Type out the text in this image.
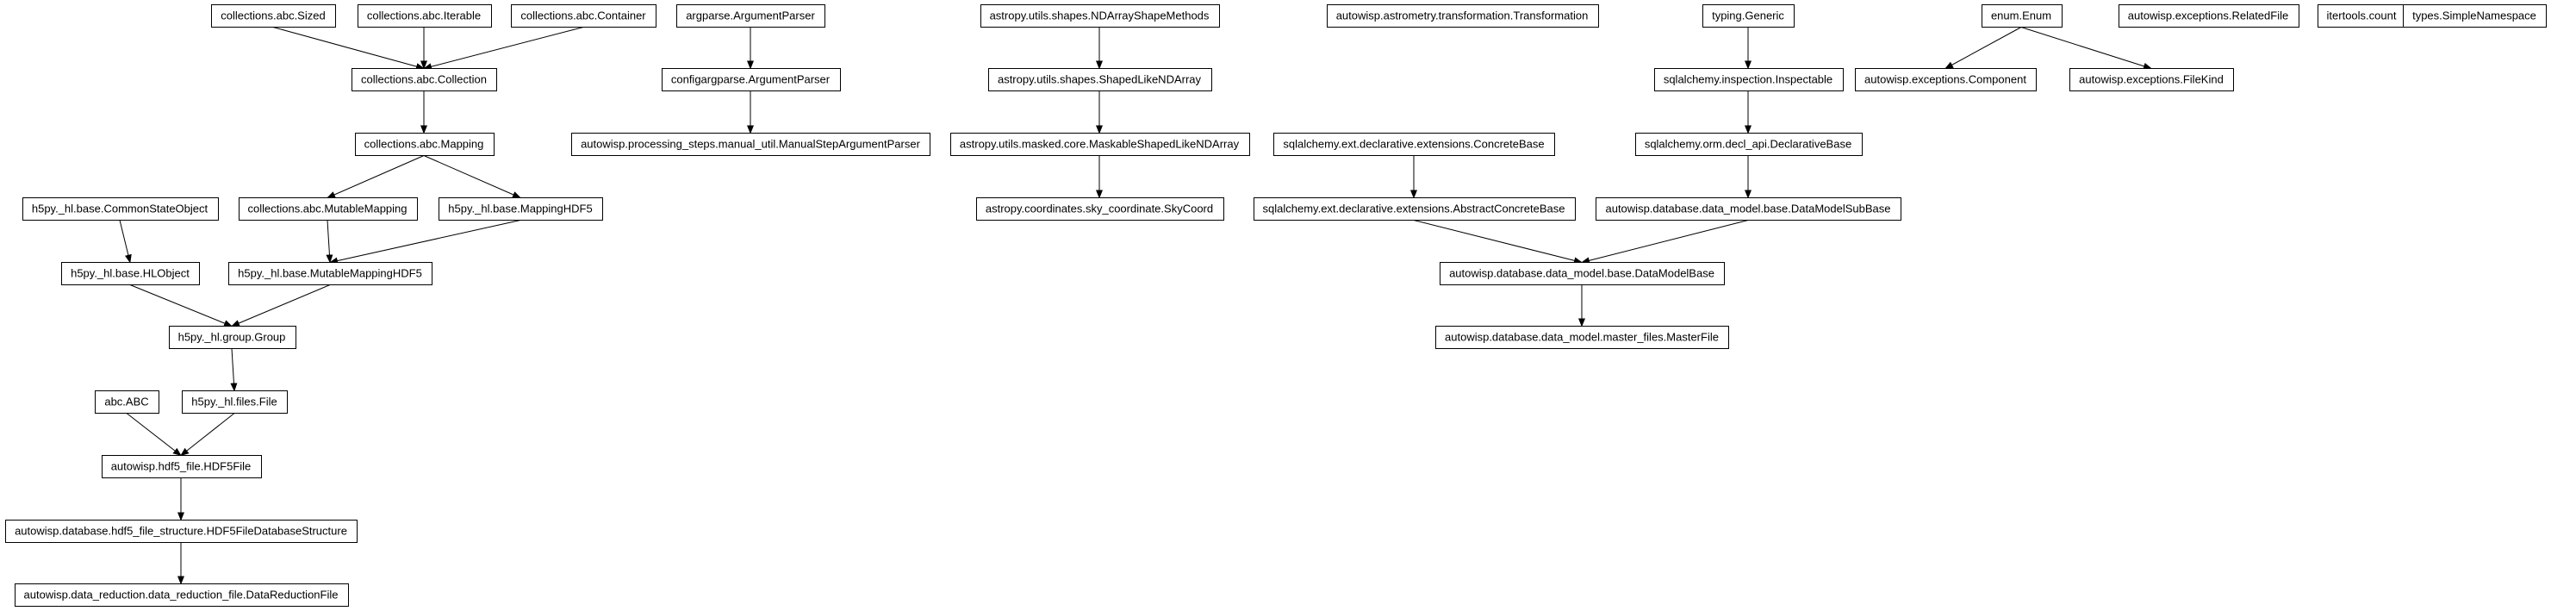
collections.abc.Sized	collections.abc.Iterable	collections.abc.Container
collections.abc.Collection
collections.abc.Mapping
collections.abc.MutableMapping	h5py._hl.base.MappingHDF5
h5py._hl.base.CommonStateObject
h5py._hl.base.HLObject	h5py._hl.base.MutableMappingHDF5
h5py._hl.group.Group
abc.ABC	h5py._hl.files.File
autowisp.hdf5_file.HDF5File
autowisp.database.hdf5_file_structure.HDF5FileDatabaseStructure
autowisp.data_reduction.data_reduction_file.DataReductionFile
argparse.ArgumentParser
configargparse.ArgumentParser
autowisp.processing_steps.manual_util.ManualStepArgumentParser
astropy.utils.shapes.NDArrayShapeMethods
astropy.utils.shapes.ShapedLikeNDArray
astropy.utils.masked.core.MaskableShapedLikeNDArray
astropy.coordinates.sky_coordinate.SkyCoord
autowisp.astrometry.transformation.Transformation
sqlalchemy.ext.declarative.extensions.ConcreteBase
sqlalchemy.ext.declarative.extensions.AbstractConcreteBase
typing.Generic
sqlalchemy.inspection.Inspectable
sqlalchemy.orm.decl_api.DeclarativeBase
autowisp.database.data_model.base.DataModelSubBase
autowisp.database.data_model.base.DataModelBase
autowisp.database.data_model.master_files.MasterFile
enum.Enum
autowisp.exceptions.Component	autowisp.exceptions.FileKind
autowisp.exceptions.RelatedFile	itertools.count types.SimpleNamespace
